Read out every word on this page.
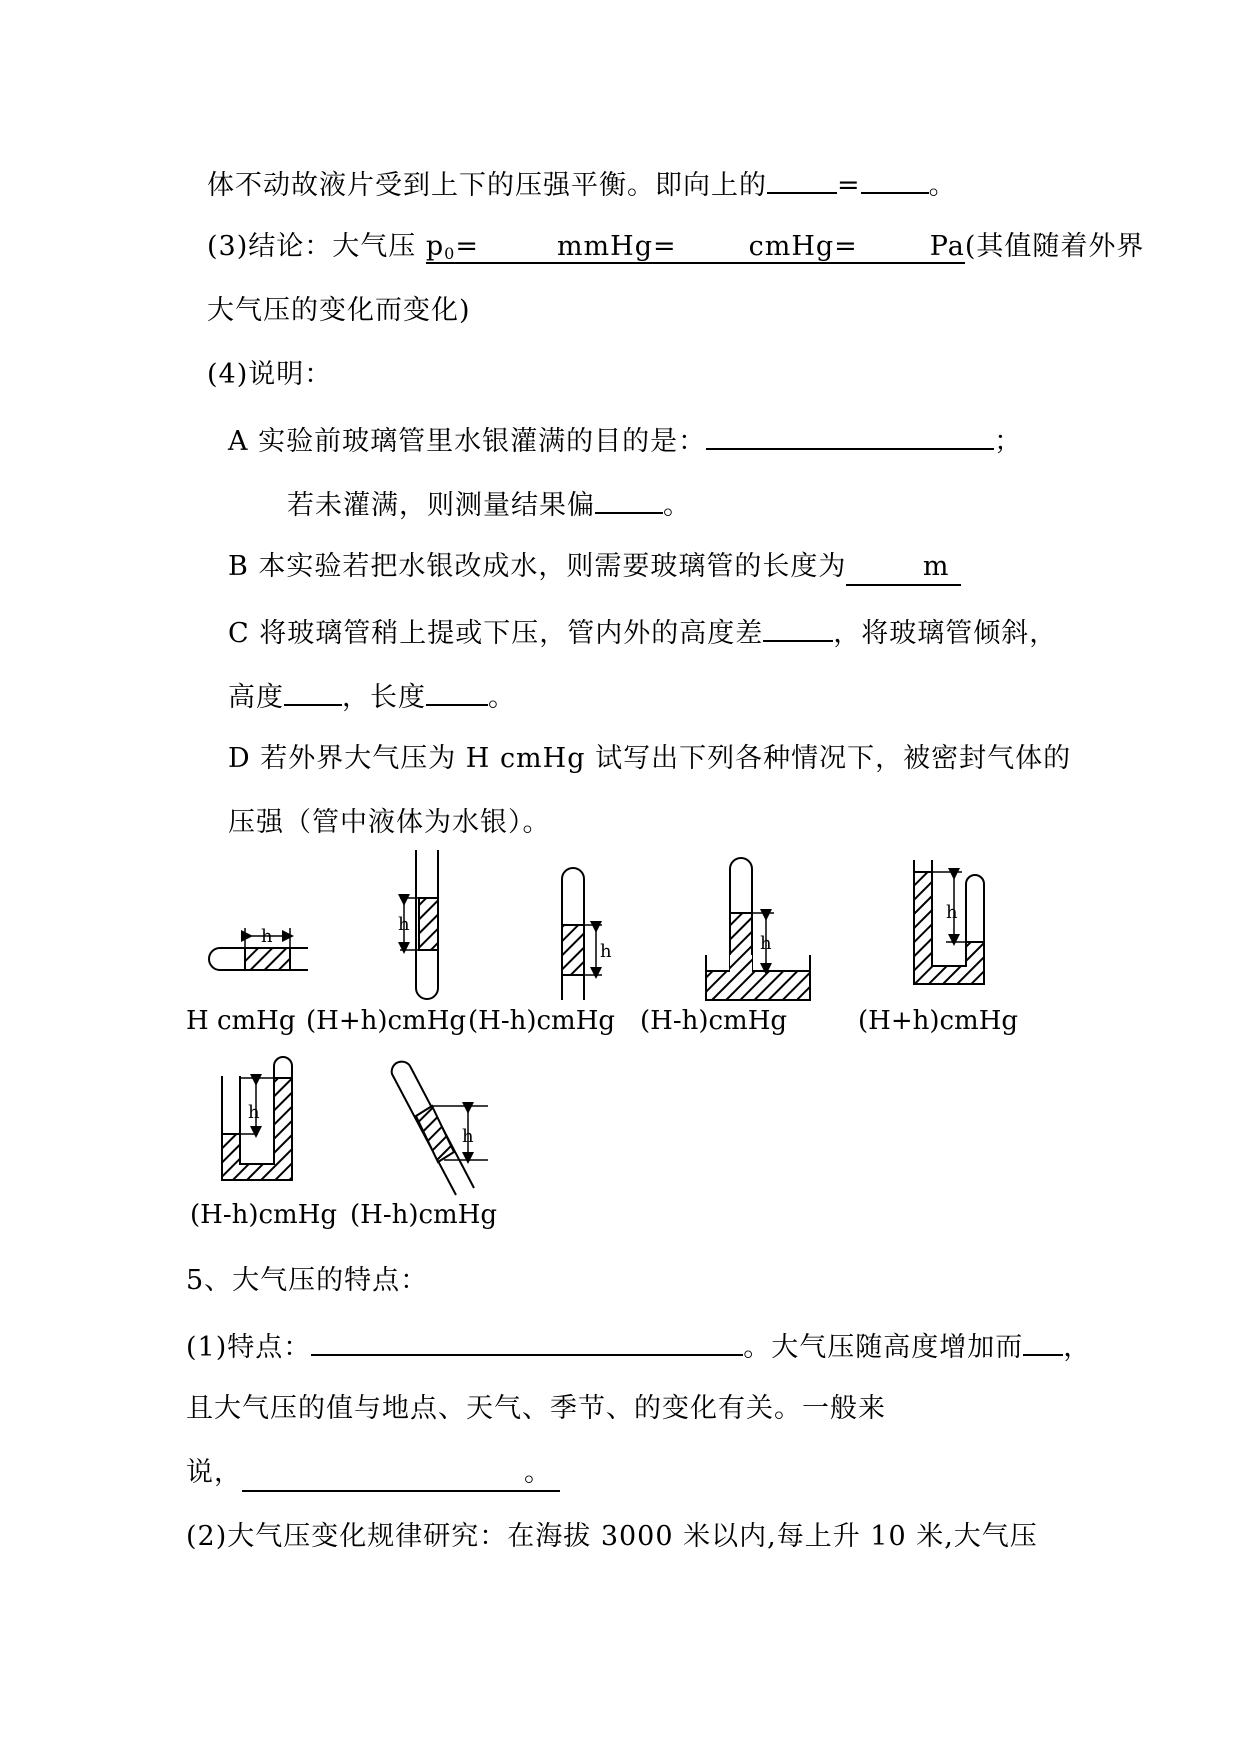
体不动故液片受到上下的压强平衡。即向上的	=	。
(3)结论：大气压 $p_0=$	mmHg=	cmHg=	Pa(其值随着外界
大气压的变化而变化)
(4)说明：
A 实验前玻璃管里水银灌满的目的是：	；
若未灌满，则测量结果偏	。
B 本实验若把水银改成水，则需要玻璃管的长度为	m
C 将玻璃管稍上提或下压，管内外的高度差	，将玻璃管倾斜，
高度 ，长度 。
D 若外界大气压为 H cmHg 试写出下列各种情况下，被密封气体的
压强（管中液体为水银）。
h
h
h	h
h
H cmHg (H+h)cmHg (H-h)cmHg (H-h)cmHg	(H+h)cmHg
h
h
(H-h)cmHg (H-h)cmHg
5、大气压的特点：
(1)特点：	。大气压随高度增加而 ，
且大气压的值与地点、天气、季节、的变化有关。一般来
说，	。
(2)大气压变化规律研究：在海拔 3000 米以内,每上升 10 米,大气压
